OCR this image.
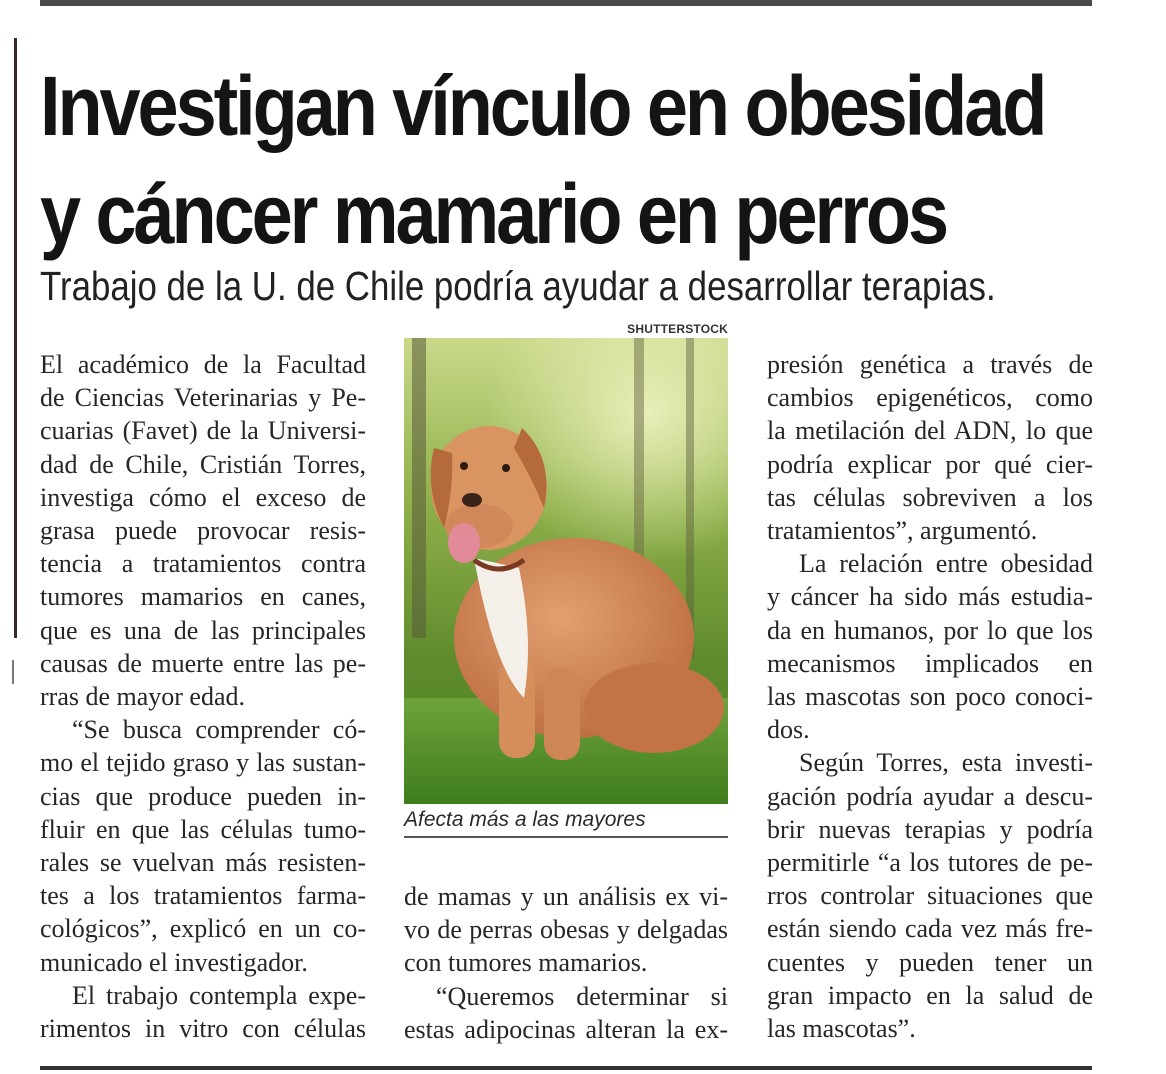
Investigan vínculo en obesidad
y cáncer mamario en perros
Trabajo de la U. de Chile podría ayudar a desarrollar terapias.
El académico de la Facultad
de Ciencias Veterinarias y Pe-
cuarias (Favet) de la Universi-
dad de Chile, Cristián Torres,
investiga cómo el exceso de
grasa puede provocar resis-
tencia a tratamientos contra
tumores mamarios en canes,
que es una de las principales
causas de muerte entre las pe-
rras de mayor edad.
“Se busca comprender có-
mo el tejido graso y las sustan-
cias que produce pueden in-
fluir en que las células tumo-
rales se vuelvan más resisten-
tes a los tratamientos farma-
cológicos”, explicó en un co-
municado el investigador.
El trabajo contempla expe-
rimentos in vitro con células
SHUTTERSTOCK
Afecta más a las mayores
de mamas y un análisis ex vi-
vo de perras obesas y delgadas
con tumores mamarios.
“Queremos determinar si
estas adipocinas alteran la ex-
presión genética a través de
cambios epigenéticos, como
la metilación del ADN, lo que
podría explicar por qué cier-
tas células sobreviven a los
tratamientos”, argumentó.
La relación entre obesidad
y cáncer ha sido más estudia-
da en humanos, por lo que los
mecanismos implicados en
las mascotas son poco conoci-
dos.
Según Torres, esta investi-
gación podría ayudar a descu-
brir nuevas terapias y podría
permitirle “a los tutores de pe-
rros controlar situaciones que
están siendo cada vez más fre-
cuentes y pueden tener un
gran impacto en la salud de
las mascotas”.
